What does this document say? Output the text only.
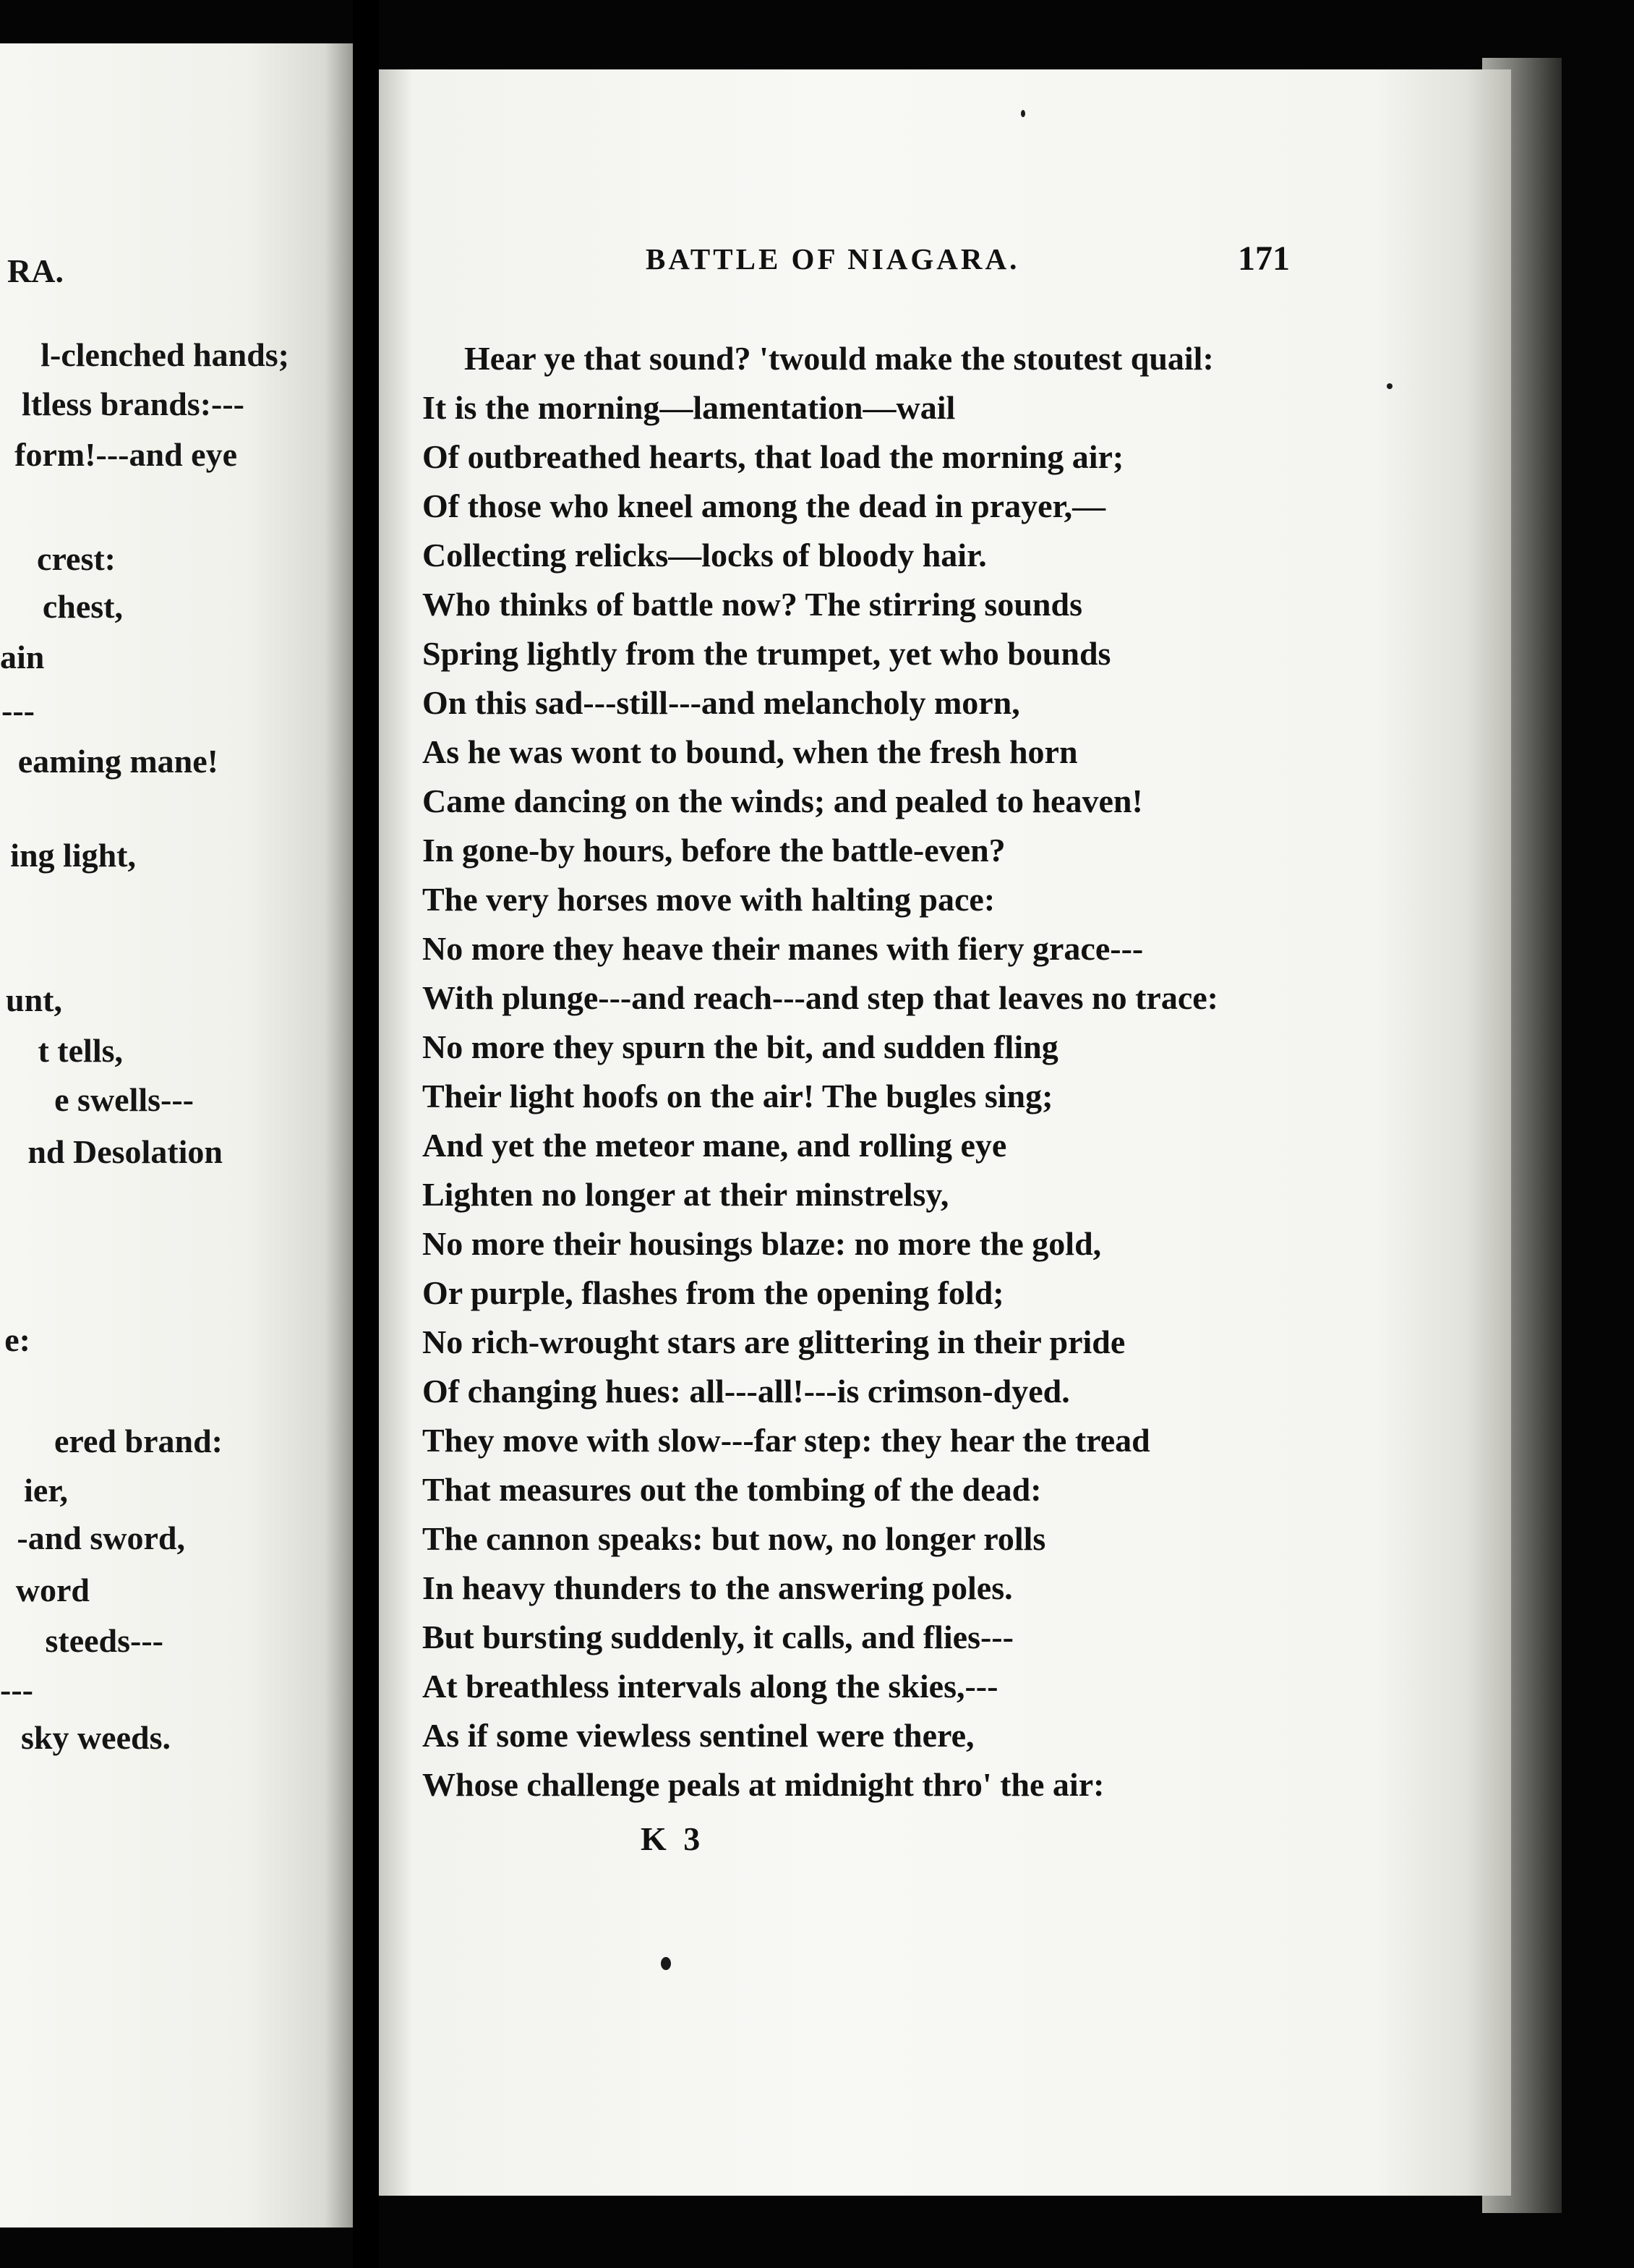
RA.
l-clenched hands;
ltless brands:---
form!---and eye
crest:
chest,
ain
---
eaming mane!
ing light,
unt,
t tells,
e swells---
nd Desolation
e:
ered brand:
ier,
-and sword,
word
steeds---
---
sky weeds.
BATTLE OF NIAGARA.	171
Hear ye that sound? 'twould make the stoutest quail:
It is the morning—lamentation—wail
Of outbreathed hearts, that load the morning air;
Of those who kneel among the dead in prayer,—
Collecting relicks—locks of bloody hair.
Who thinks of battle now? The stirring sounds
Spring lightly from the trumpet, yet who bounds
On this sad---still---and melancholy morn,
As he was wont to bound, when the fresh horn
Came dancing on the winds; and pealed to heaven!
In gone-by hours, before the battle-even?
The very horses move with halting pace:
No more they heave their manes with fiery grace---
With plunge---and reach---and step that leaves no trace:
No more they spurn the bit, and sudden fling
Their light hoofs on the air! The bugles sing;
And yet the meteor mane, and rolling eye
Lighten no longer at their minstrelsy,
No more their housings blaze: no more the gold,
Or purple, flashes from the opening fold;
No rich-wrought stars are glittering in their pride
Of changing hues: all---all!---is crimson-dyed.
They move with slow---far step: they hear the tread
That measures out the tombing of the dead:
The cannon speaks: but now, no longer rolls
In heavy thunders to the answering poles.
But bursting suddenly, it calls, and flies---
At breathless intervals along the skies,---
As if some viewless sentinel were there,
Whose challenge peals at midnight thro' the air:
K 3
